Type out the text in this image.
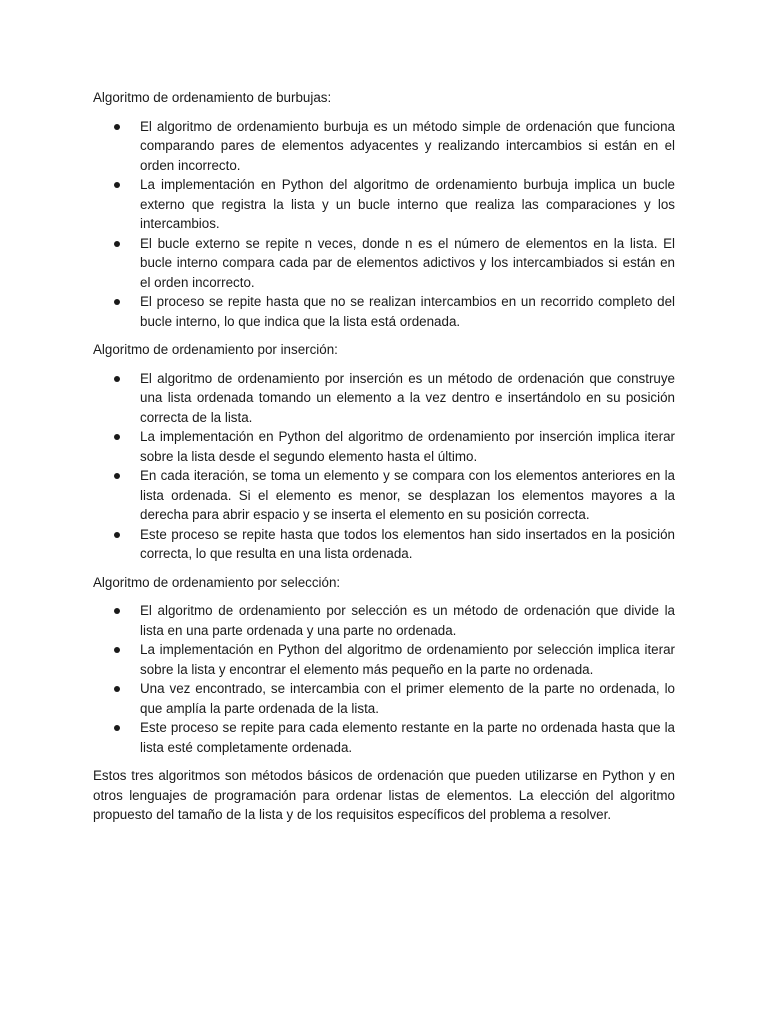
Algoritmo de ordenamiento de burbujas:

El algoritmo de ordenamiento burbuja es un método simple de ordenación que funciona comparando pares de elementos adyacentes y realizando intercambios si están en el orden incorrecto.
La implementación en Python del algoritmo de ordenamiento burbuja implica un bucle externo que registra la lista y un bucle interno que realiza las comparaciones y los intercambios.
El bucle externo se repite n veces, donde n es el número de elementos en la lista. El bucle interno compara cada par de elementos adictivos y los intercambiados si están en el orden incorrecto.
El proceso se repite hasta que no se realizan intercambios en un recorrido completo del bucle interno, lo que indica que la lista está ordenada.

Algoritmo de ordenamiento por inserción:

El algoritmo de ordenamiento por inserción es un método de ordenación que construye una lista ordenada tomando un elemento a la vez dentro e insertándolo en su posición correcta de la lista.
La implementación en Python del algoritmo de ordenamiento por inserción implica iterar sobre la lista desde el segundo elemento hasta el último.
En cada iteración, se toma un elemento y se compara con los elementos anteriores en la lista ordenada. Si el elemento es menor, se desplazan los elementos mayores a la derecha para abrir espacio y se inserta el elemento en su posición correcta.
Este proceso se repite hasta que todos los elementos han sido insertados en la posición correcta, lo que resulta en una lista ordenada.

Algoritmo de ordenamiento por selección:

El algoritmo de ordenamiento por selección es un método de ordenación que divide la lista en una parte ordenada y una parte no ordenada.
La implementación en Python del algoritmo de ordenamiento por selección implica iterar sobre la lista y encontrar el elemento más pequeño en la parte no ordenada.
Una vez encontrado, se intercambia con el primer elemento de la parte no ordenada, lo que amplía la parte ordenada de la lista.
Este proceso se repite para cada elemento restante en la parte no ordenada hasta que la lista esté completamente ordenada.

Estos tres algoritmos son métodos básicos de ordenación que pueden utilizarse en Python y en otros lenguajes de programación para ordenar listas de elementos. La elección del algoritmo propuesto del tamaño de la lista y de los requisitos específicos del problema a resolver.
